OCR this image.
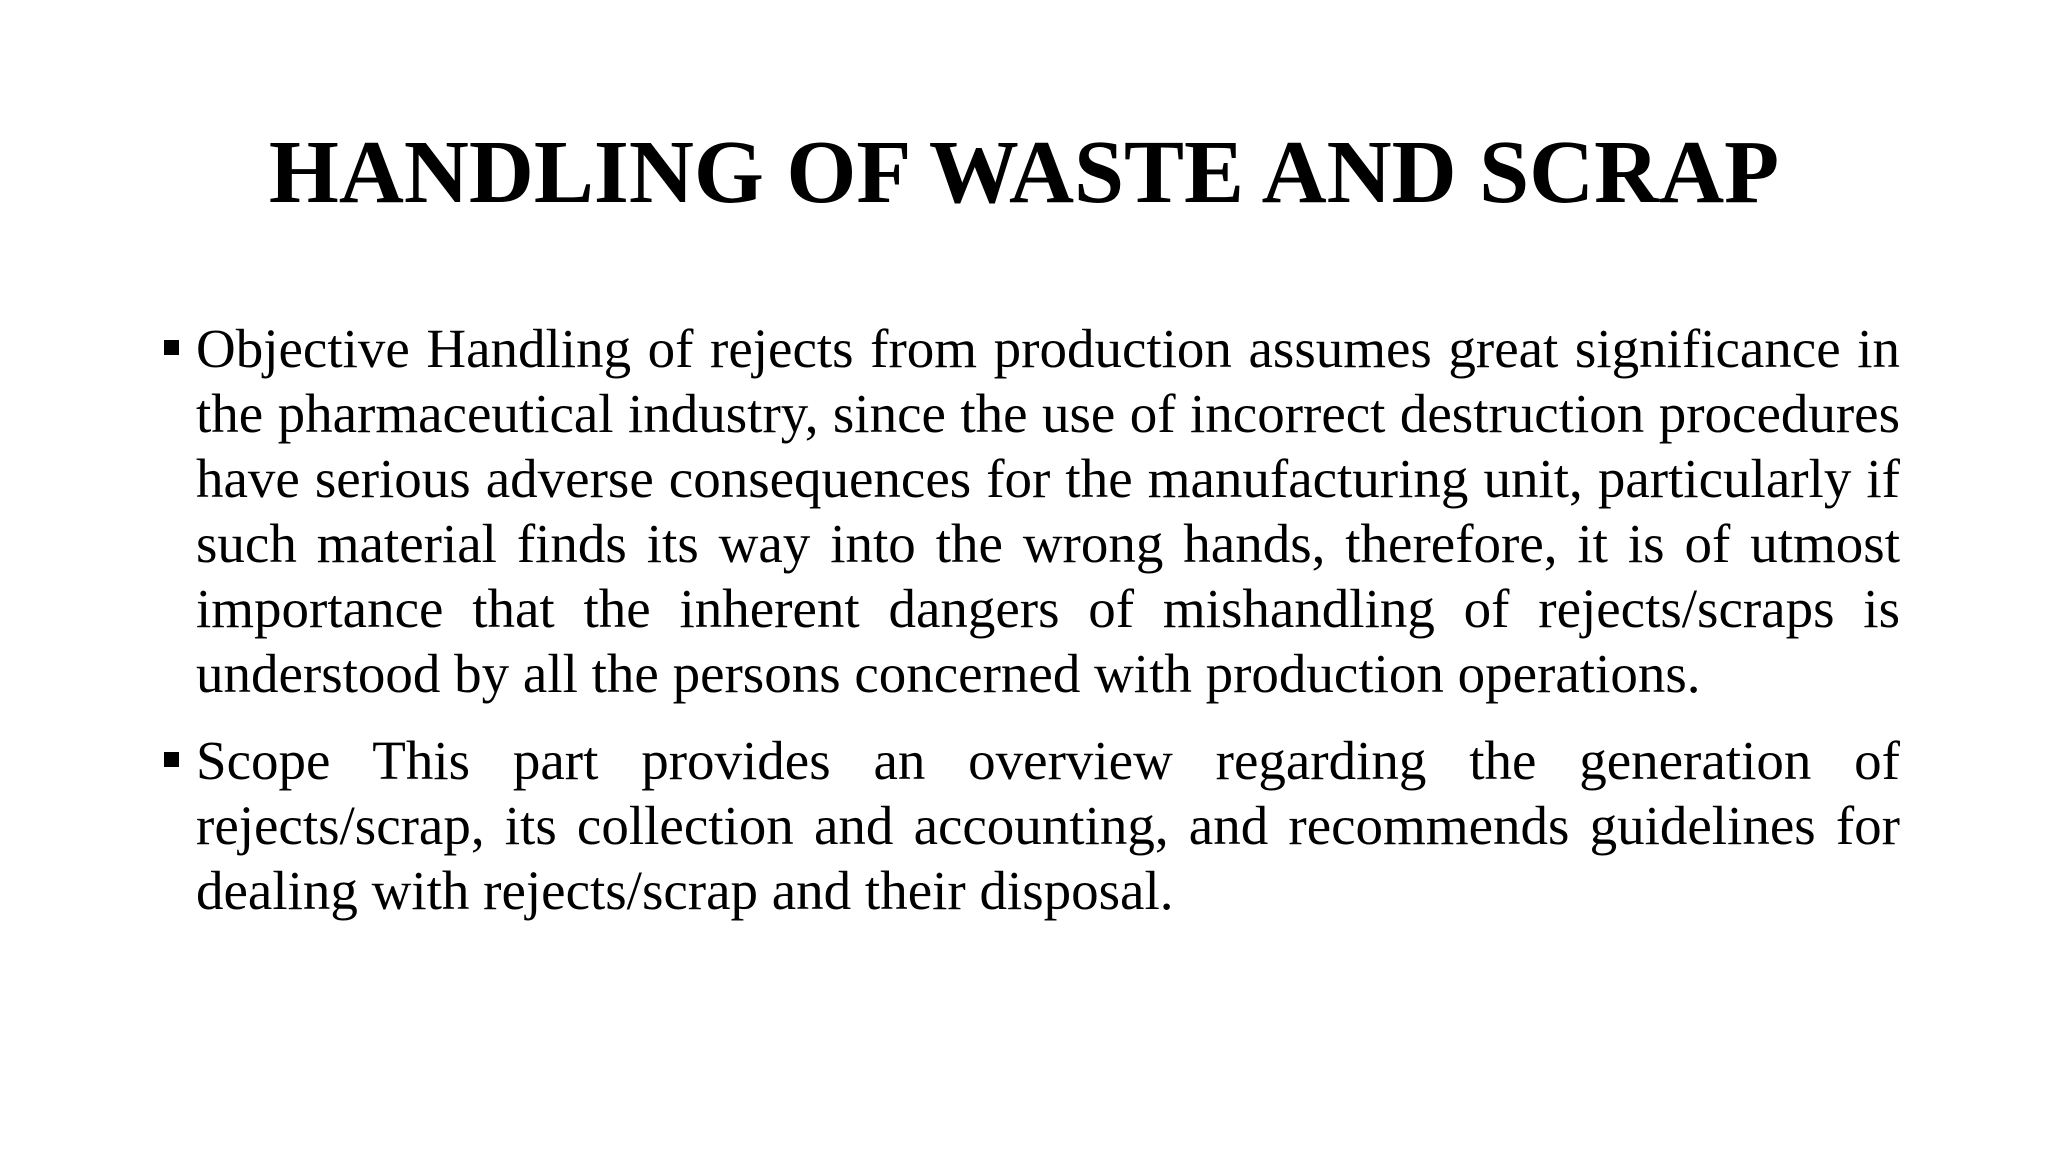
HANDLING OF WASTE AND SCRAP
Objective Handling of rejects from production assumes great significance in the pharmaceutical industry, since the use of incorrect destruction procedures have serious adverse consequences for the manufacturing unit, particularly if such material finds its way into the wrong hands, therefore, it is of utmost importance that the inherent dangers of mishandling of rejects/scraps is understood by all the persons concerned with production operations.
Scope This part provides an overview regarding the generation of rejects/scrap, its collection and accounting, and recommends guidelines for dealing with rejects/scrap and their disposal.
